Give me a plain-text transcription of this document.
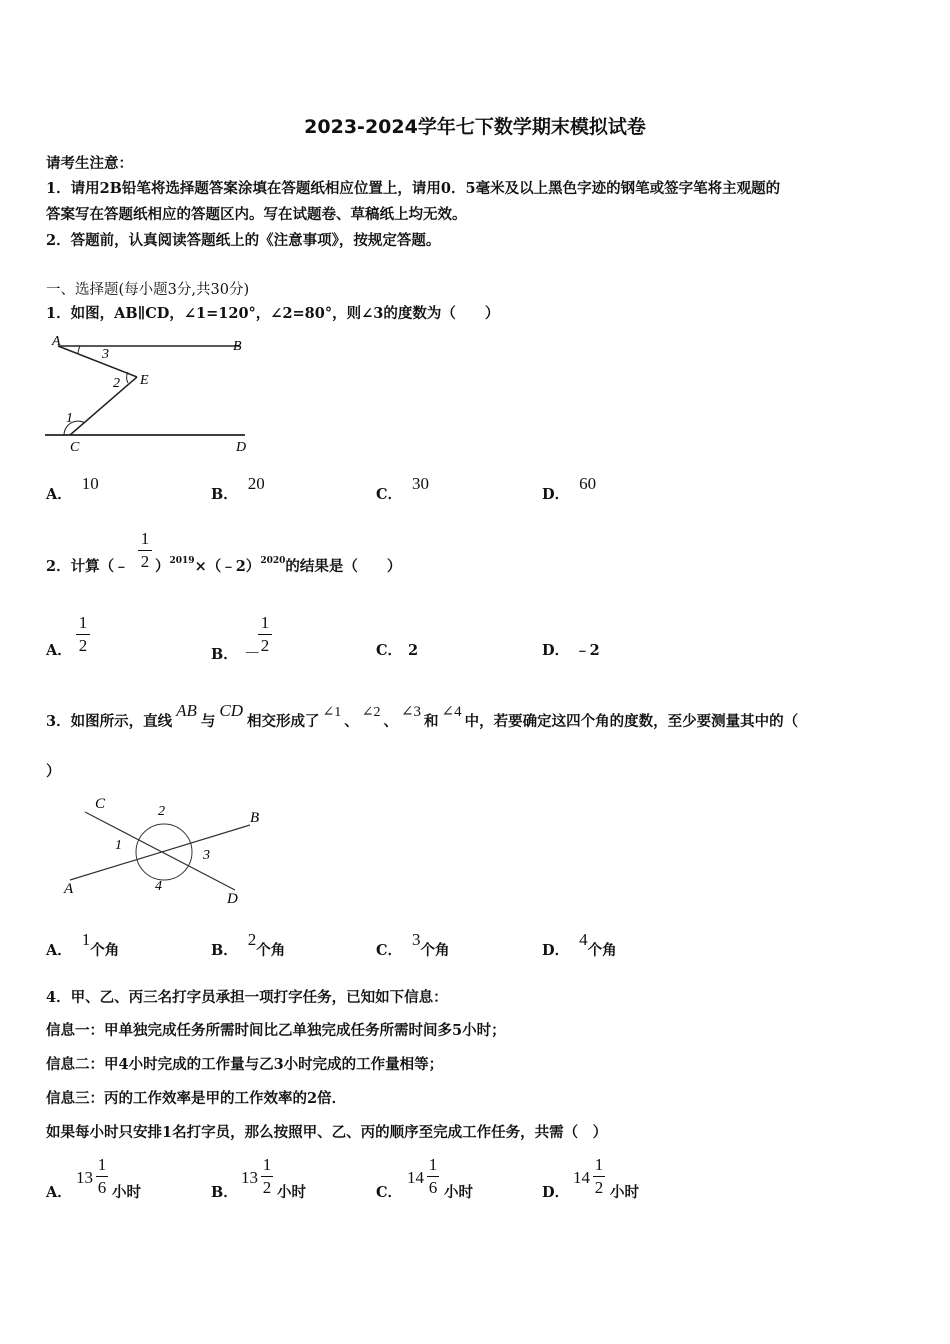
2023-2024学年七下数学期末模拟试卷
请考生注意：
1．请用2B铅笔将选择题答案涂填在答题纸相应位置上，请用0．5毫米及以上黑色字迹的钢笔或签字笔将主观题的
答案写在答题纸相应的答题区内。写在试题卷、草稿纸上均无效。
2．答题前，认真阅读答题纸上的《注意事项》，按规定答题。
一、选择题(每小题3分,共30分)
1．如图，AB∥CD，∠1=120°，∠2=80°，则∠3的度数为（　　）
A	B
C	D
E
1
2
3
A．10
B．20
C．30
D．60
2．计算（﹣
1
2 ）$^{2019}$×（﹣2）$^{2020}$的结果是（　　）
A．
1
2	B． －
1
2	C． 2	D． ﹣2
3．如图所示，直线AB与CD相交形成了∠1、∠2、∠3和∠4中，若要确定这四个角的度数，至少要测量其中的（
）
C
B
A
D
2
1
3
4
A．1个角	B．2个角	C．3个角	D．4个角
4．甲、乙、丙三名打字员承担一项打字任务，已知如下信息：
信息一：甲单独完成任务所需时间比乙单独完成任务所需时间多5小时；
信息二：甲4小时完成的工作量与乙3小时完成的工作量相等；
信息三：丙的工作效率是甲的工作效率的2倍．
如果每小时只安排1名打字员，那么按照甲、乙、丙的顺序至完成工作任务，共需（　）
A．
13
1
6 小时	B．
13
1
2 小时	C．
14
1
6 小时	D．
14
1
2 小时
